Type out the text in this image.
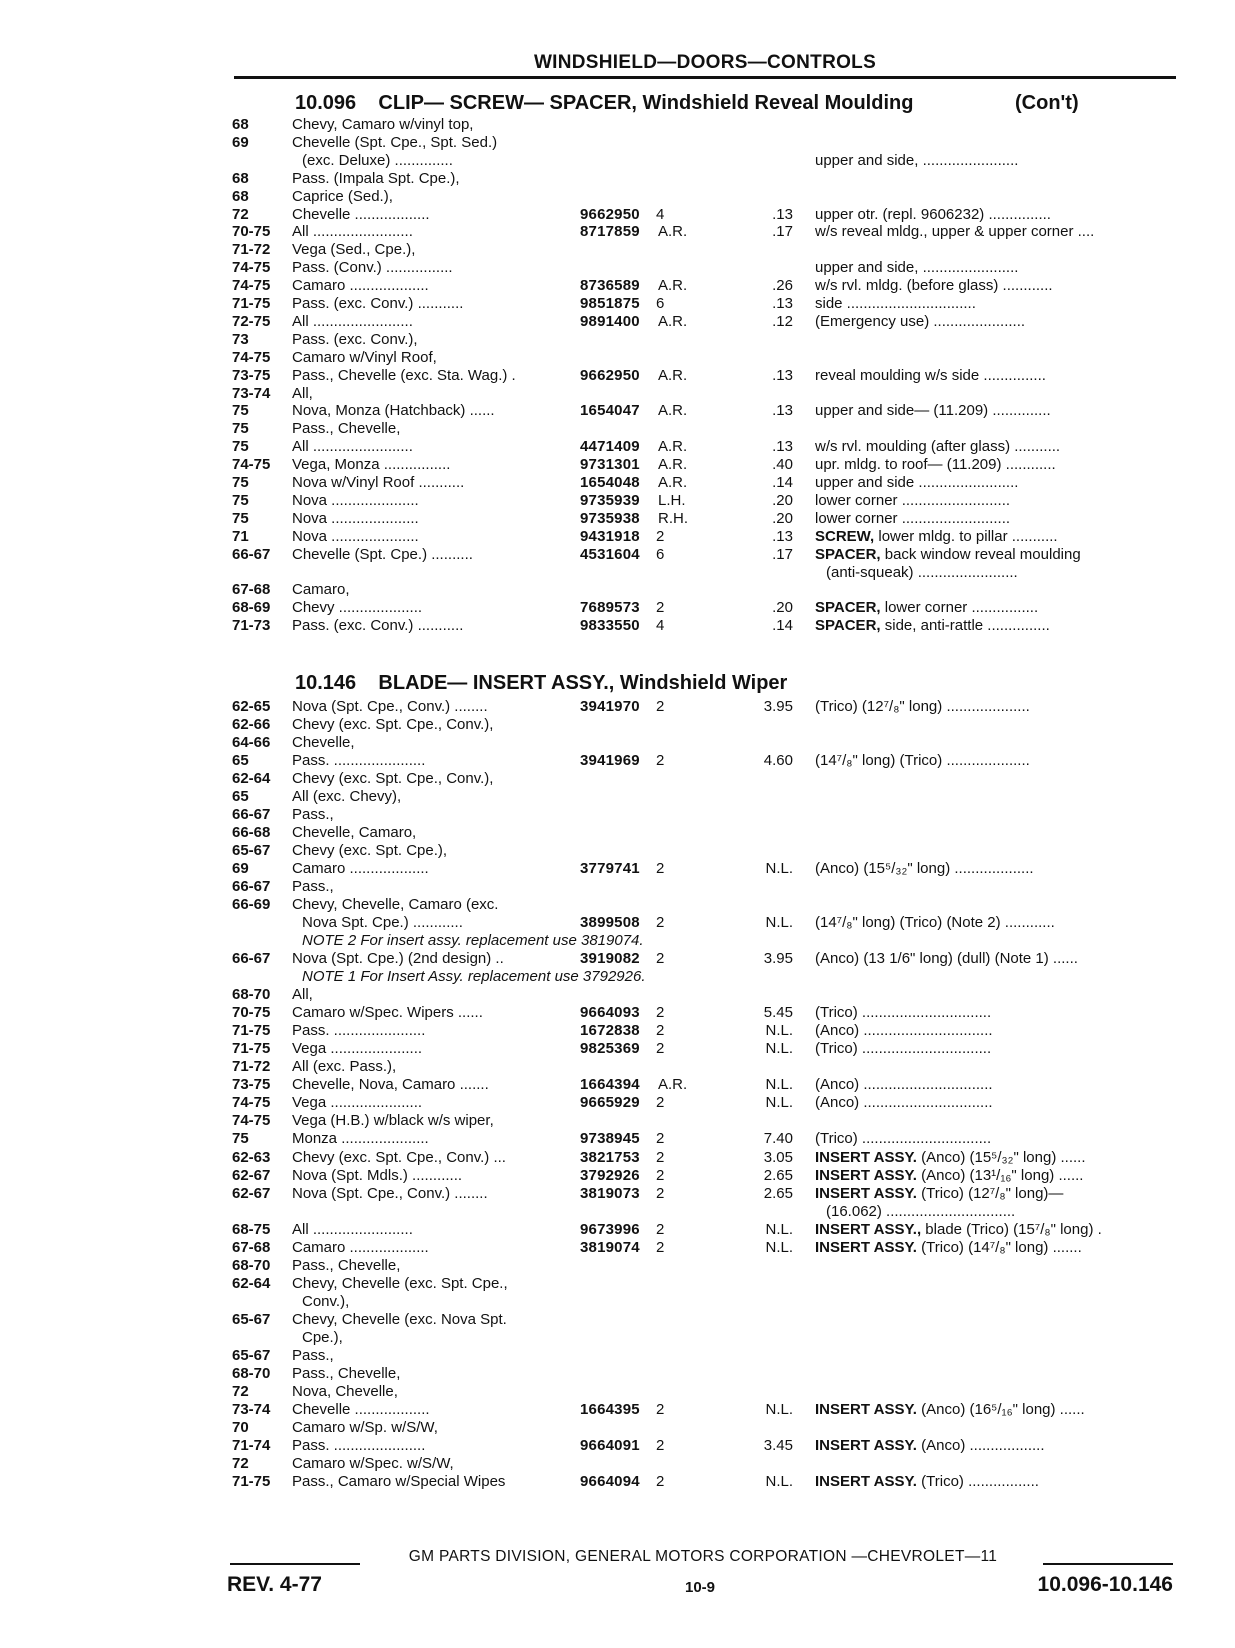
WINDSHIELD—DOORS—CONTROLS
10.096 CLIP— SCREW— SPACER, Windshield Reveal Moulding	(Con't)
68	Chevy, Camaro w/vinyl top,
69	Chevelle (Spt. Cpe., Spt. Sed.)
(exc. Deluxe) ..............	upper and side, .......................
68	Pass. (Impala Spt. Cpe.),
68	Caprice (Sed.),
72	Chevelle ..................	9662950	4	.13 upper otr. (repl. 9606232) ...............
70-75	All ........................	8717859	A.R.	.17 w/s reveal mldg., upper & upper corner ....
71-72	Vega (Sed., Cpe.),
74-75	Pass. (Conv.) ................	upper and side, .......................
74-75	Camaro ...................	8736589	A.R.	.26 w/s rvl. mldg. (before glass) ............
71-75	Pass. (exc. Conv.) ...........	9851875	6	.13 side ...............................
72-75	All ........................	9891400	A.R.	.12 (Emergency use) ......................
73	Pass. (exc. Conv.),
74-75	Camaro w/Vinyl Roof,
73-75	Pass., Chevelle (exc. Sta. Wag.) .	9662950	A.R.	.13 reveal moulding w/s side ...............
73-74	All,
75	Nova, Monza (Hatchback) ......	1654047	A.R.	.13 upper and side— (11.209) ..............
75	Pass., Chevelle,
75	All ........................	4471409	A.R.	.13 w/s rvl. moulding (after glass) ...........
74-75	Vega, Monza ................	9731301	A.R.	.40 upr. mldg. to roof— (11.209) ............
75	Nova w/Vinyl Roof ...........	1654048	A.R.	.14 upper and side ........................
75	Nova .....................	9735939	L.H.	.20 lower corner ..........................
75	Nova .....................	9735938	R.H.	.20 lower corner ..........................
71	Nova .....................	9431918	2	.13 SCREW, lower mldg. to pillar ...........
66-67	Chevelle (Spt. Cpe.) ..........	4531604	6	.17 SPACER, back window reveal moulding
(anti-squeak) ........................
67-68	Camaro,
68-69	Chevy ....................	7689573	2	.20 SPACER, lower corner ................
71-73	Pass. (exc. Conv.) ...........	9833550	4	.14 SPACER, side, anti-rattle ...............
10.146 BLADE— INSERT ASSY., Windshield Wiper
62-65	Nova (Spt. Cpe., Conv.) ........	3941970	2	3.95 (Trico) (12⁷/₈" long) ....................
62-66	Chevy (exc. Spt. Cpe., Conv.),
64-66	Chevelle,
65	Pass. ......................	3941969	2	4.60 (14⁷/₈" long) (Trico) ....................
62-64	Chevy (exc. Spt. Cpe., Conv.),
65	All (exc. Chevy),
66-67	Pass.,
66-68	Chevelle, Camaro,
65-67	Chevy (exc. Spt. Cpe.),
69	Camaro ...................	3779741	2	N.L. (Anco) (15⁵/₃₂" long) ...................
66-67	Pass.,
66-69	Chevy, Chevelle, Camaro (exc.
Nova Spt. Cpe.) ............	3899508	2	N.L. (14⁷/₈" long) (Trico) (Note 2) ............
NOTE 2 For insert assy. replacement use 3819074.
66-67	Nova (Spt. Cpe.) (2nd design) ..	3919082	2	3.95 (Anco) (13 1/6" long) (dull) (Note 1) ......
NOTE 1 For Insert Assy. replacement use 3792926.
68-70	All,
70-75	Camaro w/Spec. Wipers ......	9664093	2	5.45 (Trico) ...............................
71-75	Pass. ......................	1672838	2	N.L. (Anco) ...............................
71-75	Vega ......................	9825369	2	N.L. (Trico) ...............................
71-72	All (exc. Pass.),
73-75	Chevelle, Nova, Camaro .......	1664394	A.R.	N.L. (Anco) ...............................
74-75	Vega ......................	9665929	2	N.L. (Anco) ...............................
74-75	Vega (H.B.) w/black w/s wiper,
75	Monza .....................	9738945	2	7.40 (Trico) ...............................
62-63	Chevy (exc. Spt. Cpe., Conv.) ...	3821753	2	3.05 INSERT ASSY. (Anco) (15⁵/₃₂" long) ......
62-67	Nova (Spt. Mdls.) ............	3792926	2	2.65 INSERT ASSY. (Anco) (13¹/₁₆" long) ......
62-67	Nova (Spt. Cpe., Conv.) ........	3819073	2	2.65 INSERT ASSY. (Trico) (12⁷/₈" long)—
(16.062) ...............................
68-75	All ........................	9673996	2	N.L. INSERT ASSY., blade (Trico) (15⁷/₈" long) .
67-68	Camaro ...................	3819074	2	N.L. INSERT ASSY. (Trico) (14⁷/₈" long) .......
68-70	Pass., Chevelle,
62-64	Chevy, Chevelle (exc. Spt. Cpe.,
Conv.),
65-67	Chevy, Chevelle (exc. Nova Spt.
Cpe.),
65-67	Pass.,
68-70	Pass., Chevelle,
72	Nova, Chevelle,
73-74	Chevelle ..................	1664395	2	N.L. INSERT ASSY. (Anco) (16⁵/₁₆" long) ......
70	Camaro w/Sp. w/S/W,
71-74	Pass. ......................	9664091	2	3.45 INSERT ASSY. (Anco) ..................
72	Camaro w/Spec. w/S/W,
71-75	Pass., Camaro w/Special Wipes	9664094	2	N.L. INSERT ASSY. (Trico) .................
GM PARTS DIVISION, GENERAL MOTORS CORPORATION —CHEVROLET—11
REV. 4-77	10-9	10.096-10.146
